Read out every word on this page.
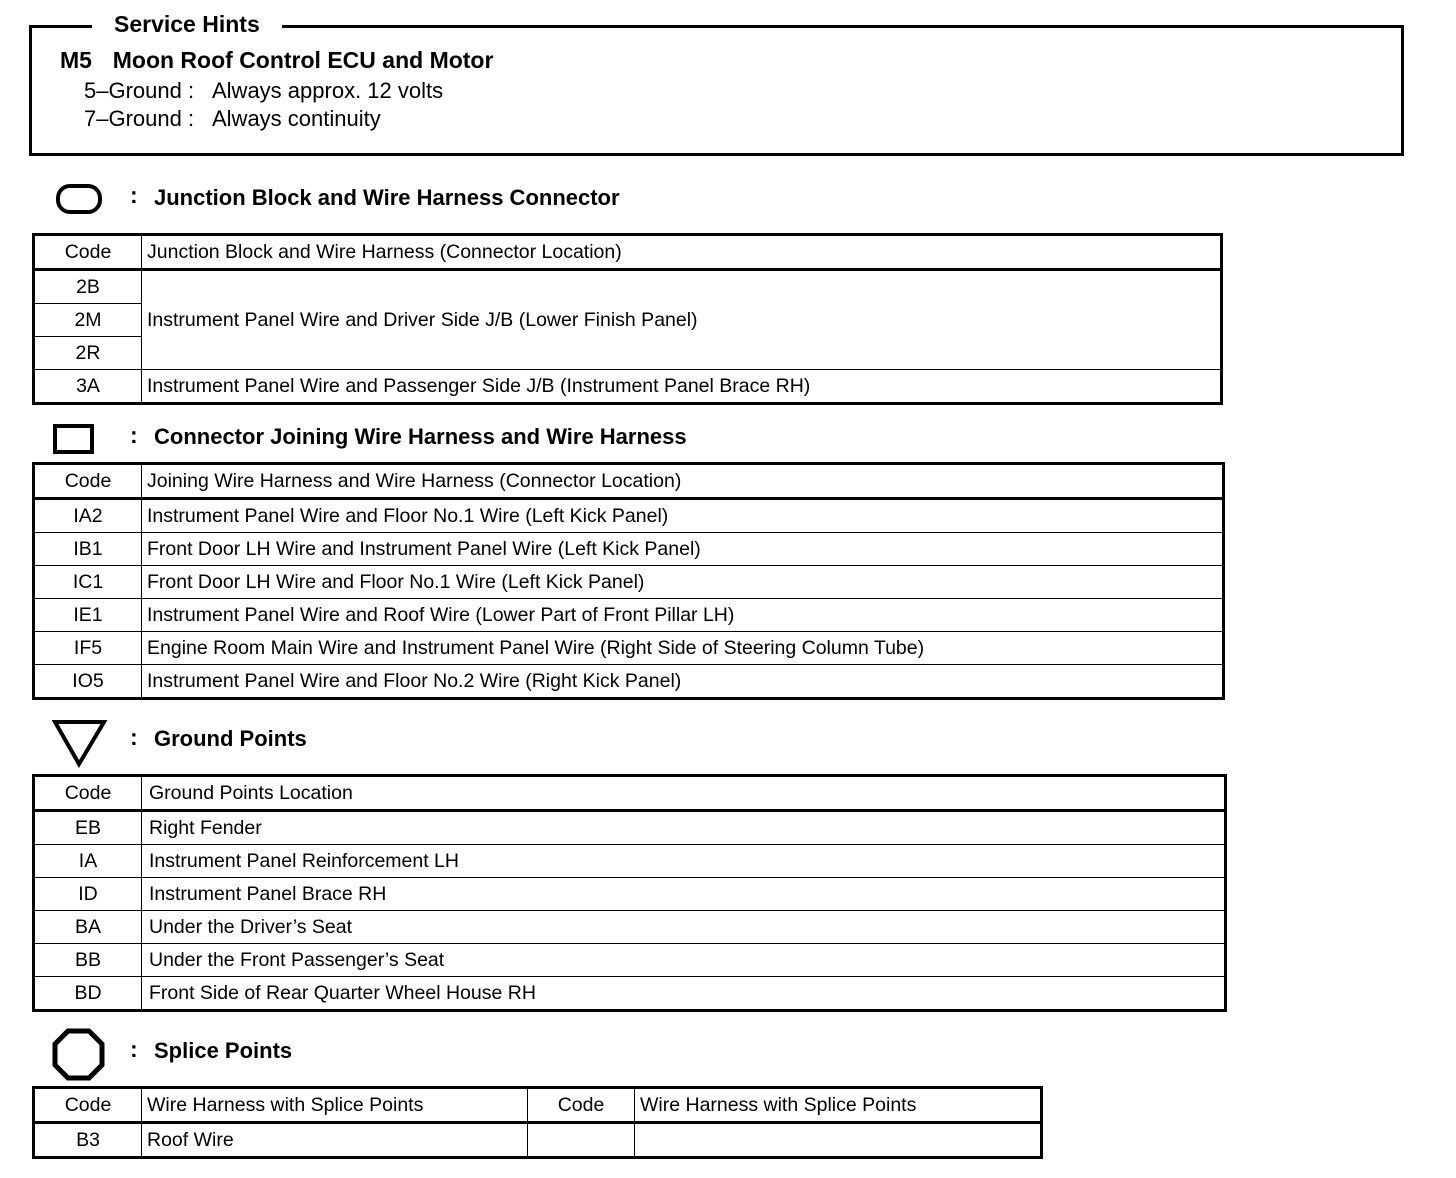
Service Hints
M5 Moon Roof Control ECU and Motor
5–Ground : Always approx. 12 volts
7–Ground : Always continuity
: Junction Block and Wire Harness Connector
Code	Junction Block and Wire Harness (Connector Location)
2B	Instrument Panel Wire and Driver Side J/B (Lower Finish Panel)
2M	
2R	
3A	Instrument Panel Wire and Passenger Side J/B (Instrument Panel Brace RH)
: Connector Joining Wire Harness and Wire Harness
Code	Joining Wire Harness and Wire Harness (Connector Location)
IA2	Instrument Panel Wire and Floor No.1 Wire (Left Kick Panel)
IB1	Front Door LH Wire and Instrument Panel Wire (Left Kick Panel)
IC1	Front Door LH Wire and Floor No.1 Wire (Left Kick Panel)
IE1	Instrument Panel Wire and Roof Wire (Lower Part of Front Pillar LH)
IF5	Engine Room Main Wire and Instrument Panel Wire (Right Side of Steering Column Tube)
IO5	Instrument Panel Wire and Floor No.2 Wire (Right Kick Panel)
: Ground Points
Code	Ground Points Location
EB	Right Fender
IA	Instrument Panel Reinforcement LH
ID	Instrument Panel Brace RH
BA	Under the Driver’s Seat
BB	Under the Front Passenger’s Seat
BD	Front Side of Rear Quarter Wheel House RH
: Splice Points
Code	Wire Harness with Splice Points	Code	Wire Harness with Splice Points
B3	Roof Wire		
